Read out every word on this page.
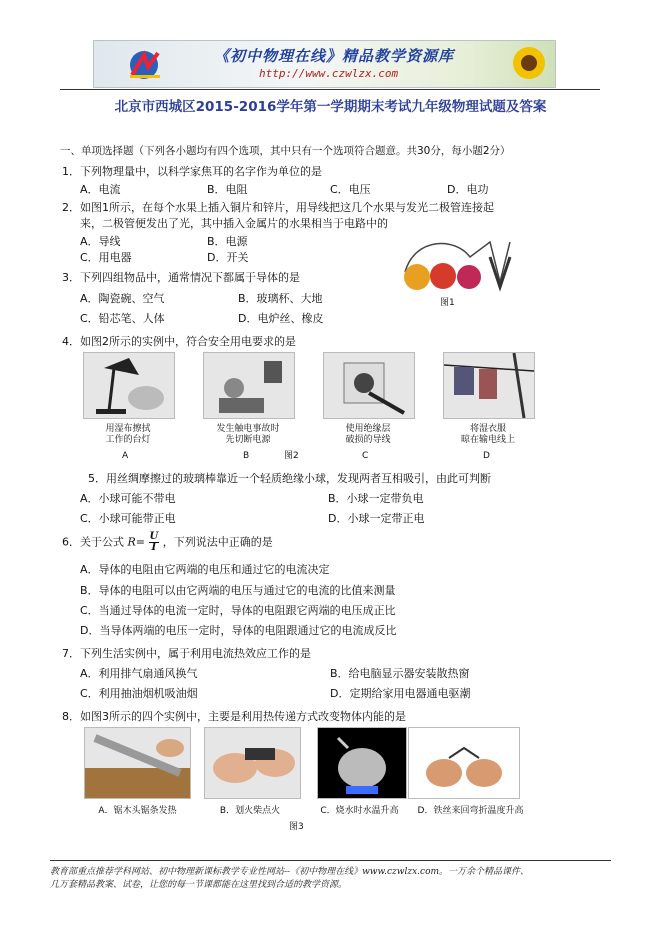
《初中物理在线》精品教学资源库
http://www.czwlzx.com
北京市西城区2015-2016学年第一学期期末考试九年级物理试题及答案
一、单项选择题（下列各小题均有四个选项，其中只有一个选项符合题意。共30分，每小题2分）
1．下列物理量中，以科学家焦耳的名字作为单位的是
A．电流	B．电阻	C．电压	D．电功
2．如图1所示，在每个水果上插入铜片和锌片，用导线把这几个水果与发光二极管连接起
来，二极管便发出了光，其中插入金属片的水果相当于电路中的
A．导线	B．电源
C．用电器	D．开关
图1
3．下列四组物品中，通常情况下都属于导体的是
A．陶瓷碗、空气	B．玻璃杯、大地
C．铅芯笔、人体	D．电炉丝、橡皮
4．如图2所示的实例中，符合安全用电要求的是
用湿布擦拭
工作的台灯
发生触电事故时
先切断电源
使用绝缘层
破损的导线
将湿衣服
晾在输电线上
A	B	图2	C	D
5．用丝绸摩擦过的玻璃棒靠近一个轻质绝缘小球，发现两者互相吸引，由此可判断
A．小球可能不带电	B．小球一定带负电
C．小球可能带正电	D．小球一定带正电
6．关于公式 $R= \frac{U}{I}$ ，下列说法中正确的是
A．导体的电阻由它两端的电压和通过它的电流决定
B．导体的电阻可以由它两端的电压与通过它的电流的比值来测量
C．当通过导体的电流一定时，导体的电阻跟它两端的电压成正比
D．当导体两端的电压一定时，导体的电阻跟通过它的电流成反比
7．下列生活实例中，属于利用电流热效应工作的是
A．利用排气扇通风换气	B．给电脑显示器安装散热窗
C．利用抽油烟机吸油烟	D．定期给家用电器通电驱潮
8．如图3所示的四个实例中，主要是利用热传递方式改变物体内能的是
A．锯木头锯条发热	B．划火柴点火	C．烧水时水温升高	D．铁丝来回弯折温度升高
图3
教育部重点推荐学科网站、初中物理新课标教学专业性网站--《初中物理在线》www.czwlzx.com。一万余个精品课件、
几万套精品教案、试卷，让您的每一节课都能在这里找到合适的教学资源。
